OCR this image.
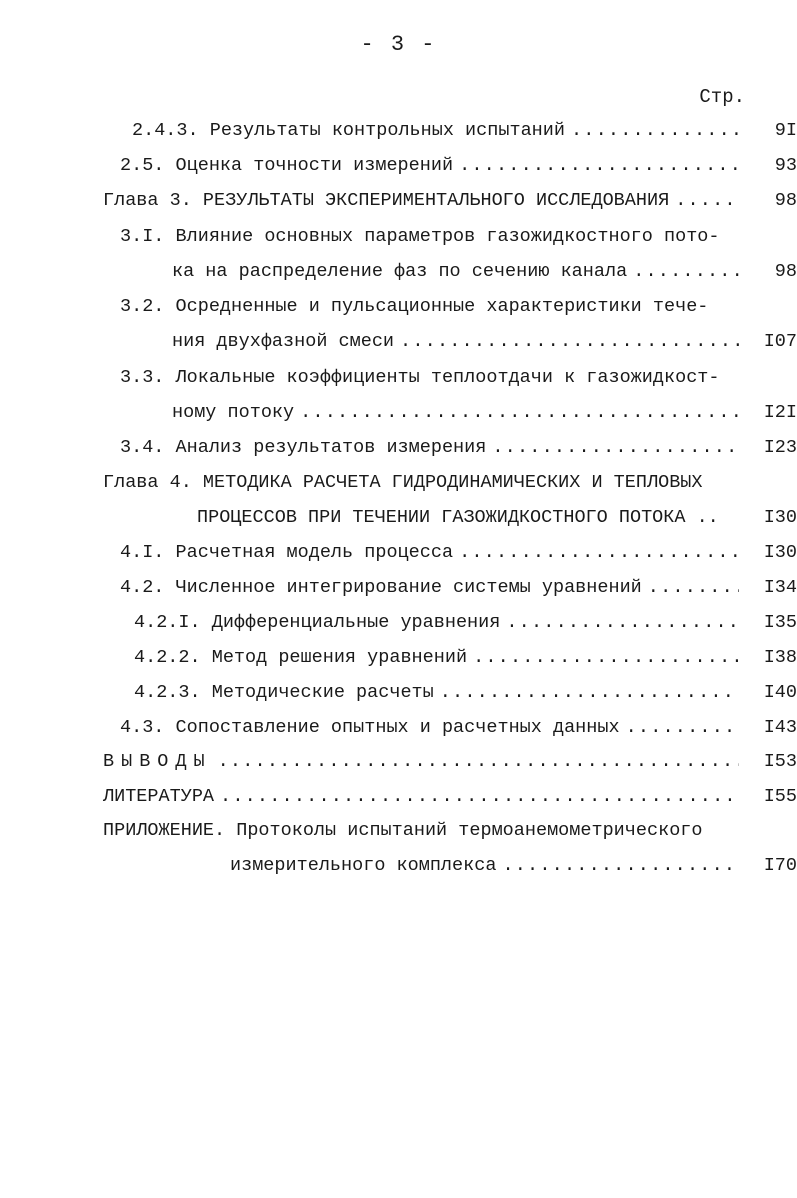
- 3 -
Стр.
2.4.3. Результаты контрольных испытаний .....	9I
2.5. Оценка точности измерений .....	93
Глава 3. РЕЗУЛЬТАТЫ ЭКСПЕРИМЕНТАЛЬНОГО ИССЛЕДОВАНИЯ .....	98
3.I. Влияние основных параметров газожидкостного пото-
ка на распределение фаз по сечению канала .....	98
3.2. Осредненные и пульсационные характеристики тече-
ния двухфазной смеси .....	I07
3.3. Локальные коэффициенты теплоотдачи к газожидкост-
ному потоку .....	I2I
3.4. Анализ результатов измерения .....	I23
Глава 4. МЕТОДИКА РАСЧЕТА ГИДРОДИНАМИЧЕСКИХ И ТЕПЛОВЫХ
ПРОЦЕССОВ ПРИ ТЕЧЕНИИ ГАЗОЖИДКОСТНОГО ПОТОКА ..	I30
4.I. Расчетная модель процесса .....	I30
4.2. Численное интегрирование системы уравнений .....	I34
4.2.I. Дифференциальные уравнения .....	I35
4.2.2. Метод решения уравнений .....	I38
4.2.3. Методические расчеты .....	I40
4.3. Сопоставление опытных и расчетных данных .....	I43
ВЫВОДЫ .....	I53
ЛИТЕРАТУРА .....	I55
ПРИЛОЖЕНИЕ. Протоколы испытаний термоанемометрического
измерительного комплекса .....	I70
